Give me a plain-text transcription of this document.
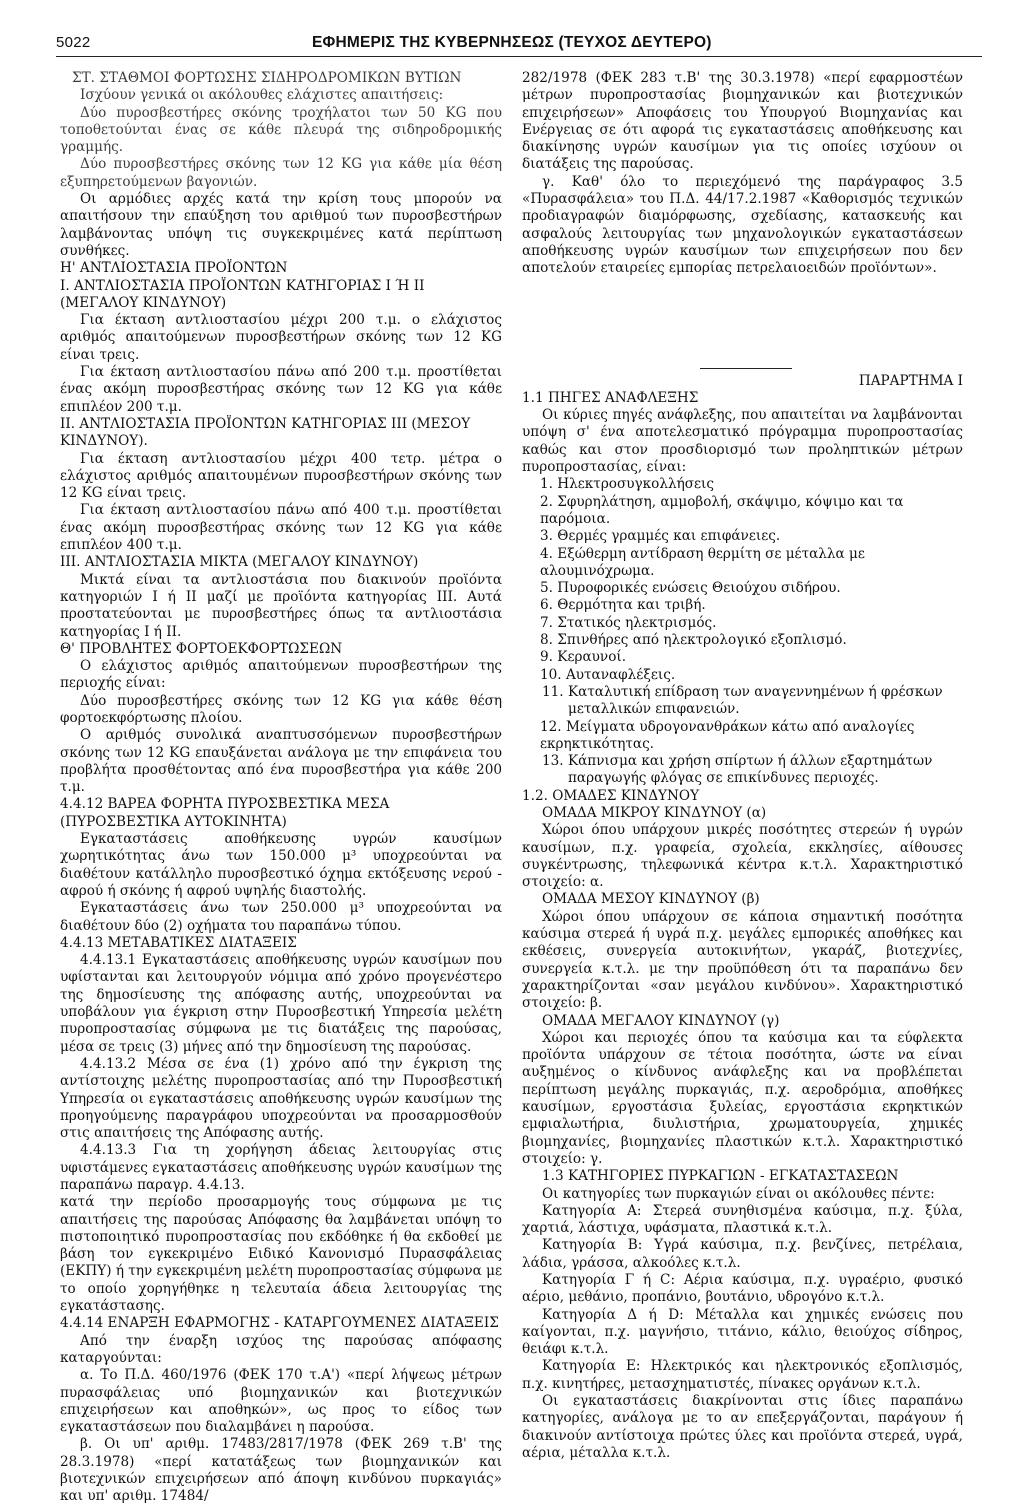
5022	ΕΦΗΜΕΡΙΣ ΤΗΣ ΚΥΒΕΡΝΗΣΕΩΣ (ΤΕΥΧΟΣ ΔΕΥΤΕΡΟ)

ΣΤ. ΣΤΑΘΜΟΙ ΦΟΡΤΩΣΗΣ ΣΙΔΗΡΟΔΡΟΜΙΚΩΝ ΒΥΤΙΩΝ

Ισχύουν γενικά οι ακόλουθες ελάχιστες απαιτήσεις:

Δύο πυροσβεστήρες σκόνης τροχήλατοι των 50 KG που τοποθετούνται ένας σε κάθε πλευρά της σιδηροδρομικής γραμμής.

Δύο πυροσβεστήρες σκόνης των 12 KG για κάθε μία θέση εξυπηρετούμενων βαγονιών.

Οι αρμόδιες αρχές κατά την κρίση τους μπορούν να απαιτήσουν την επαύξηση του αριθμού των πυροσβεστήρων λαμβάνοντας υπόψη τις συγκεκριμένες κατά περίπτωση συνθήκες.

Η' ΑΝΤΛΙΟΣΤΑΣΙΑ ΠΡΟΪΟΝΤΩΝ

Ι. ΑΝΤΛΙΟΣΤΑΣΙΑ ΠΡΟΪΟΝΤΩΝ ΚΑΤΗΓΟΡΙΑΣ Ι Ή ΙΙ (ΜΕΓΑΛΟΥ ΚΙΝΔΥΝΟΥ)

Για έκταση αντλιοστασίου μέχρι 200 τ.μ. ο ελάχιστος αριθμός απαιτούμενων πυροσβεστήρων σκόνης των 12 KG είναι τρεις.

Για έκταση αντλιοστασίου πάνω από 200 τ.μ. προστίθεται ένας ακόμη πυροσβεστήρας σκόνης των 12 KG για κάθε επιπλέον 200 τ.μ.

ΙΙ. ΑΝΤΛΙΟΣΤΑΣΙΑ ΠΡΟΪΟΝΤΩΝ ΚΑΤΗΓΟΡΙΑΣ ΙΙΙ (ΜΕΣΟΥ ΚΙΝΔΥΝΟΥ).

Για έκταση αντλιοστασίου μέχρι 400 τετρ. μέτρα ο ελάχιστος αριθμός απαιτουμένων πυροσβεστήρων σκόνης των 12 KG είναι τρεις.

Για έκταση αντλιοστασίου πάνω από 400 τ.μ. προστίθεται ένας ακόμη πυροσβεστήρας σκόνης των 12 KG για κάθε επιπλέον 400 τ.μ.

ΙΙΙ. ΑΝΤΛΙΟΣΤΑΣΙΑ ΜΙΚΤΑ (ΜΕΓΑΛΟΥ ΚΙΝΔΥΝΟΥ)

Μικτά είναι τα αντλιοστάσια που διακινούν προϊόντα κατηγοριών Ι ή ΙΙ μαζί με προϊόντα κατηγορίας ΙΙΙ. Αυτά προστατεύονται με πυροσβεστήρες όπως τα αντλιοστάσια κατηγορίας Ι ή ΙΙ.

Θ' ΠΡΟΒΛΗΤΕΣ ΦΟΡΤΟΕΚΦΟΡΤΩΣΕΩΝ

Ο ελάχιστος αριθμός απαιτούμενων πυροσβεστήρων της περιοχής είναι:

Δύο πυροσβεστήρες σκόνης των 12 KG για κάθε θέση φορτοεκφόρτωσης πλοίου.

Ο αριθμός συνολικά αναπτυσσόμενων πυροσβεστήρων σκόνης των 12 KG επαυξάνεται ανάλογα με την επιφάνεια του προβλήτα προσθέτοντας από ένα πυροσβεστήρα για κάθε 200 τ.μ.

4.4.12 ΒΑΡΕΑ ΦΟΡΗΤΑ ΠΥΡΟΣΒΕΣΤΙΚΑ ΜΕΣΑ (ΠΥΡΟΣΒΕΣΤΙΚΑ ΑΥΤΟΚΙΝΗΤΑ)

Εγκαταστάσεις αποθήκευσης υγρών καυσίμων χωρητικότητας άνω των 150.000 μ³ υποχρεούνται να διαθέτουν κατάλληλο πυροσβεστικό όχημα εκτόξευσης νερού - αφρού ή σκόνης ή αφρού υψηλής διαστολής.

Εγκαταστάσεις άνω των 250.000 μ³ υποχρεούνται να διαθέτουν δύο (2) οχήματα του παραπάνω τύπου.

4.4.13 ΜΕΤΑΒΑΤΙΚΕΣ ΔΙΑΤΑΞΕΙΣ

4.4.13.1 Εγκαταστάσεις αποθήκευσης υγρών καυσίμων που υφίστανται και λειτουργούν νόμιμα από χρόνο προγενέστερο της δημοσίευσης της απόφασης αυτής, υποχρεούνται να υποβάλουν για έγκριση στην Πυροσβεστική Υπηρεσία μελέτη πυροπροστασίας σύμφωνα με τις διατάξεις της παρούσας, μέσα σε τρεις (3) μήνες από την δημοσίευση της παρούσας.

4.4.13.2 Μέσα σε ένα (1) χρόνο από την έγκριση της αντίστοιχης μελέτης πυροπροστασίας από την Πυροσβεστική Υπηρεσία οι εγκαταστάσεις αποθήκευσης υγρών καυσίμων της προηγούμενης παραγράφου υποχρεούνται να προσαρμοσθούν στις απαιτήσεις της Απόφασης αυτής.

4.4.13.3 Για τη χορήγηση άδειας λειτουργίας στις υφιστάμενες εγκαταστάσεις αποθήκευσης υγρών καυσίμων της παραπάνω παραγρ. 4.4.13.

κατά την περίοδο προσαρμογής τους σύμφωνα με τις απαιτήσεις της παρούσας Απόφασης θα λαμβάνεται υπόψη το πιστοποιητικό πυροπροστασίας που εκδόθηκε ή θα εκδοθεί με βάση τον εγκεκριμένο Ειδικό Κανονισμό Πυρασφάλειας (ΕΚΠΥ) ή την εγκεκριμένη μελέτη πυροπροστασίας σύμφωνα με το οποίο χορηγήθηκε η τελευταία άδεια λειτουργίας της εγκατάστασης.

4.4.14 ΕΝΑΡΞΗ ΕΦΑΡΜΟΓΗΣ - ΚΑΤΑΡΓΟΥΜΕΝΕΣ ΔΙΑΤΑΞΕΙΣ

Από την έναρξη ισχύος της παρούσας απόφασης καταργούνται:

α. Το Π.Δ. 460/1976 (ΦΕΚ 170 τ.Α') «περί λήψεως μέτρων πυρασφάλειας υπό βιομηχανικών και βιοτεχνικών επιχειρήσεων και αποθηκών», ως προς το είδος των εγκαταστάσεων που διαλαμβάνει η παρούσα.

β. Οι υπ' αριθμ. 17483/2817/1978 (ΦΕΚ 269 τ.Β' της 28.3.1978) «περί κατατάξεως των βιομηχανικών και βιοτεχνικών επιχειρήσεων από άποψη κινδύνου πυρκαγιάς» και υπ' αριθμ. 17484/

282/1978 (ΦΕΚ 283 τ.Β' της 30.3.1978) «περί εφαρμοστέων μέτρων πυροπροστασίας βιομηχανικών και βιοτεχνικών επιχειρήσεων» Αποφάσεις του Υπουργού Βιομηχανίας και Ενέργειας σε ότι αφορά τις εγκαταστάσεις αποθήκευσης και διακίνησης υγρών καυσίμων για τις οποίες ισχύουν οι διατάξεις της παρούσας.

γ. Καθ' όλο το περιεχόμενό της παράγραφος 3.5 «Πυρασφάλεια» του Π.Δ. 44/17.2.1987 «Καθορισμός τεχνικών προδιαγραφών διαμόρφωσης, σχεδίασης, κατασκευής και ασφαλούς λειτουργίας των μηχανολογικών εγκαταστάσεων αποθήκευσης υγρών καυσίμων των επιχειρήσεων που δεν αποτελούν εταιρείες εμπορίας πετρελαιοειδών προϊόντων».

ΠΑΡΑΡΤΗΜΑ Ι

1.1 ΠΗΓΕΣ ΑΝΑΦΛΕΞΗΣ

Οι κύριες πηγές ανάφλεξης, που απαιτείται να λαμβάνονται υπόψη σ' ένα αποτελεσματικό πρόγραμμα πυροπροστασίας καθώς και στον προσδιορισμό των προληπτικών μέτρων πυροπροστασίας, είναι:

1. Ηλεκτροσυγκολλήσεις

2. Σφυρηλάτηση, αμμοβολή, σκάψιμο, κόψιμο και τα παρόμοια.

3. Θερμές γραμμές και επιφάνειες.

4. Εξώθερμη αντίδραση θερμίτη σε μέταλλα με αλουμινόχρωμα.

5. Πυροφορικές ενώσεις Θειούχου σιδήρου.

6. Θερμότητα και τριβή.

7. Στατικός ηλεκτρισμός.

8. Σπινθήρες από ηλεκτρολογικό εξοπλισμό.

9. Κεραυνοί.

10. Αυταναφλέξεις.

11. Καταλυτική επίδραση των αναγεννημένων ή φρέσκων μεταλλικών επιφανειών.

12. Μείγματα υδρογονανθράκων κάτω από αναλογίες εκρηκτικότητας.

13. Κάπνισμα και χρήση σπίρτων ή άλλων εξαρτημάτων παραγωγής φλόγας σε επικίνδυνες περιοχές.

1.2. ΟΜΑΔΕΣ ΚΙΝΔΥΝΟΥ

ΟΜΑΔΑ ΜΙΚΡΟΥ ΚΙΝΔΥΝΟΥ (α)

Χώροι όπου υπάρχουν μικρές ποσότητες στερεών ή υγρών καυσίμων, π.χ. γραφεία, σχολεία, εκκλησίες, αίθουσες συγκέντρωσης, τηλεφωνικά κέντρα κ.τ.λ. Χαρακτηριστικό στοιχείο: α.

ΟΜΑΔΑ ΜΕΣΟΥ ΚΙΝΔΥΝΟΥ (β)

Χώροι όπου υπάρχουν σε κάποια σημαντική ποσότητα καύσιμα στερεά ή υγρά π.χ. μεγάλες εμπορικές αποθήκες και εκθέσεις, συνεργεία αυτοκινήτων, γκαράζ, βιοτεχνίες, συνεργεία κ.τ.λ. με την προϋπόθεση ότι τα παραπάνω δεν χαρακτηρίζονται «σαν μεγάλου κινδύνου». Χαρακτηριστικό στοιχείο: β.

ΟΜΑΔΑ ΜΕΓΑΛΟΥ ΚΙΝΔΥΝΟΥ (γ)

Χώροι και περιοχές όπου τα καύσιμα και τα εύφλεκτα προϊόντα υπάρχουν σε τέτοια ποσότητα, ώστε να είναι αυξημένος ο κίνδυνος ανάφλεξης και να προβλέπεται περίπτωση μεγάλης πυρκαγιάς, π.χ. αεροδρόμια, αποθήκες καυσίμων, εργοστάσια ξυλείας, εργοστάσια εκρηκτικών εμφιαλωτήρια, διυλιστήρια, χρωματουργεία, χημικές βιομηχανίες, βιομηχανίες πλαστικών κ.τ.λ. Χαρακτηριστικό στοιχείο: γ.

1.3 ΚΑΤΗΓΟΡΙΕΣ ΠΥΡΚΑΓΙΩΝ - ΕΓΚΑΤΑΣΤΑΣΕΩΝ

Οι κατηγορίες των πυρκαγιών είναι οι ακόλουθες πέντε:

Κατηγορία Α: Στερεά συνηθισμένα καύσιμα, π.χ. ξύλα, χαρτιά, λάστιχα, υφάσματα, πλαστικά κ.τ.λ.

Κατηγορία Β: Υγρά καύσιμα, π.χ. βενζίνες, πετρέλαια, λάδια, γράσσα, αλκοόλες κ.τ.λ.

Κατηγορία Γ ή C: Αέρια καύσιμα, π.χ. υγραέριο, φυσικό αέριο, μεθάνιο, προπάνιο, βουτάνιο, υδρογόνο κ.τ.λ.

Κατηγορία Δ ή D: Μέταλλα και χημικές ενώσεις που καίγονται, π.χ. μαγνήσιο, τιτάνιο, κάλιο, θειούχος σίδηρος, θειάφι κ.τ.λ.

Κατηγορία Ε: Ηλεκτρικός και ηλεκτρονικός εξοπλισμός, π.χ. κινητήρες, μετασχηματιστές, πίνακες οργάνων κ.τ.λ.

Οι εγκαταστάσεις διακρίνονται στις ίδιες παραπάνω κατηγορίες, ανάλογα με το αν επεξεργάζονται, παράγουν ή διακινούν αντίστοιχα πρώτες ύλες και προϊόντα στερεά, υγρά, αέρια, μέταλλα κ.τ.λ.
